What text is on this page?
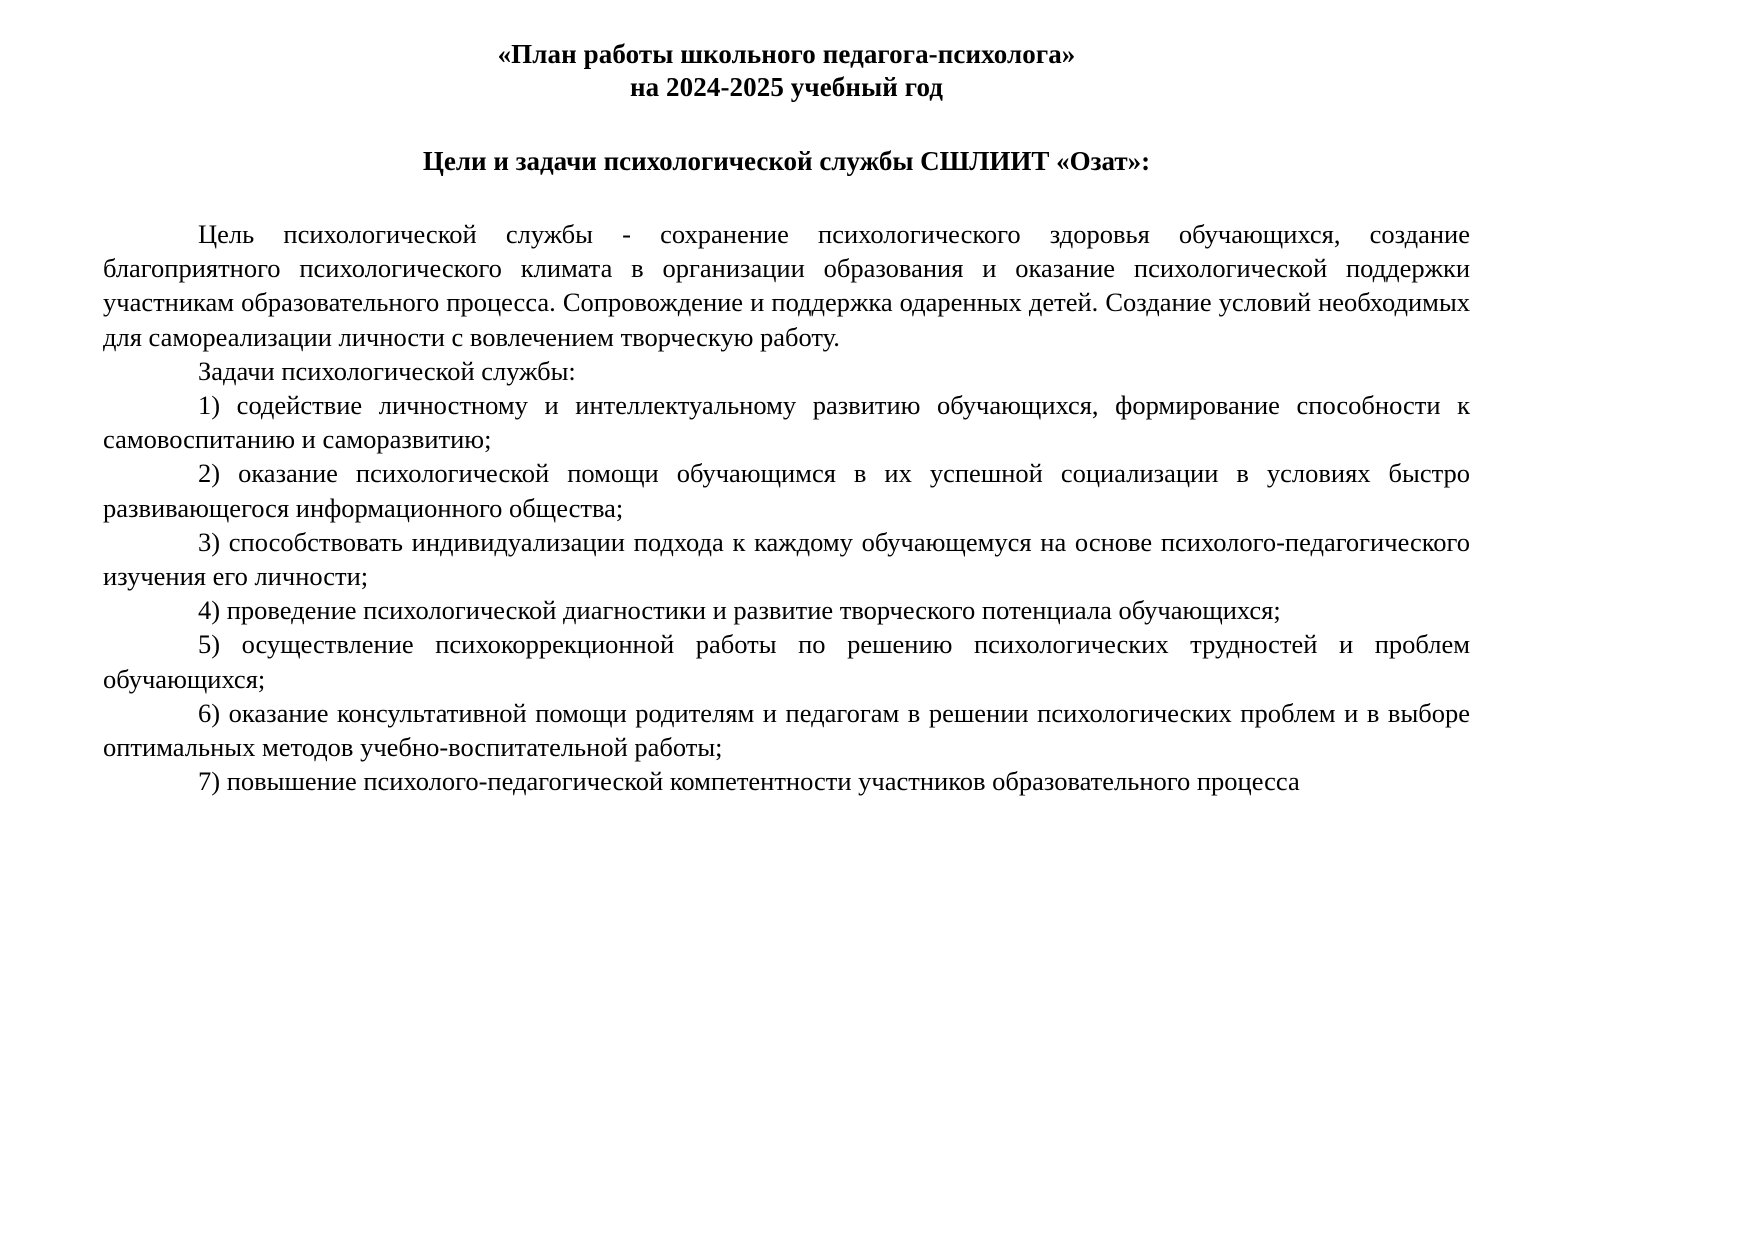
«План работы школьного педагога-психолога»
на 2024-2025 учебный год
Цели и задачи психологической службы СШЛИИТ «Озат»:

Цель психологической службы - сохранение психологического здоровья обучающихся, создание благоприятного психологического климата в организации образования и оказание психологической поддержки участникам образовательного процесса. Сопровождение и поддержка одаренных детей. Создание условий необходимых для самореализации личности с вовлечением творческую работу.

Задачи психологической службы:

1) содействие личностному и интеллектуальному развитию обучающихся, формирование способности к самовоспитанию и саморазвитию;

2) оказание психологической помощи обучающимся в их успешной социализации в условиях быстро развивающегося информационного общества;

3) способствовать индивидуализации подхода к каждому обучающемуся на основе психолого-педагогического изучения его личности;

4) проведение психологической диагностики и развитие творческого потенциала обучающихся;

5) осуществление психокоррекционной работы по решению психологических трудностей и проблем обучающихся;

6) оказание консультативной помощи родителям и педагогам в решении психологических проблем и в выборе оптимальных методов учебно-воспитательной работы;

7) повышение психолого-педагогической компетентности участников образовательного процесса
